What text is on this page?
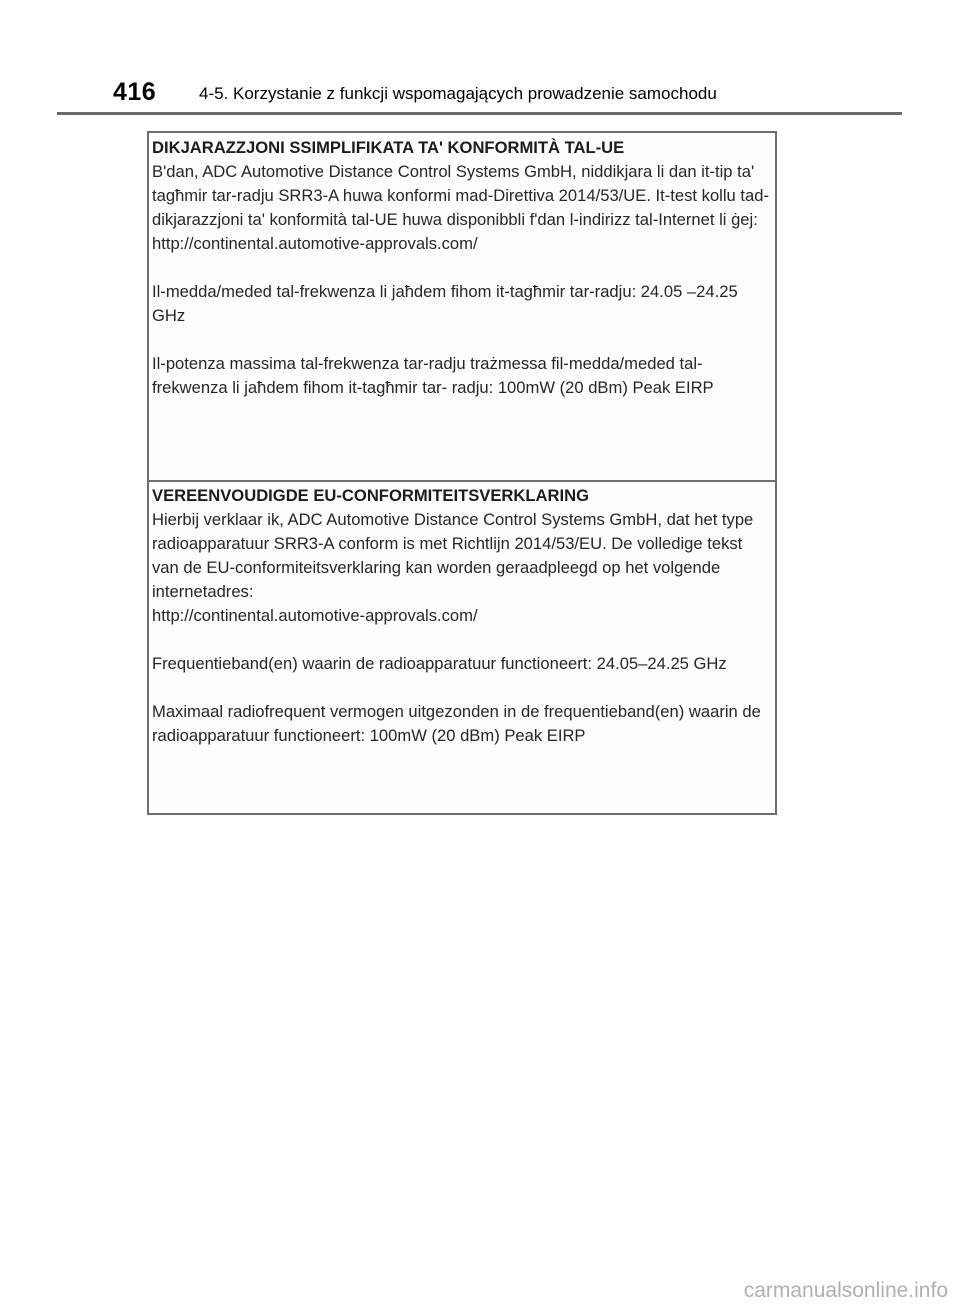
416	4-5. Korzystanie z funkcji wspomagających prowadzenie samochodu
DIKJARAZZJONI SSIMPLIFIKATA TA' KONFORMITÀ TAL-UE

B'dan, ADC Automotive Distance Control Systems GmbH, niddikjara li dan it-tip ta' tagħmir tar-radju SRR3-A huwa konformi mad-Direttiva 2014/53/UE. It-test kollu tad-dikjarazzjoni ta' konformità tal-UE huwa disponibbli f'dan l-indirizz tal-Internet li ġej:

http://continental.automotive-approvals.com/

Il-medda/meded tal-frekwenza li jaħdem fihom it-tagħmir tar-radju: 24.05 –24.25 GHz

Il-potenza massima tal-frekwenza tar-radju trażmessa fil-medda/meded tal-frekwenza li jaħdem fihom it-tagħmir tar- radju: 100mW (20 dBm) Peak EIRP

VEREENVOUDIGDE EU-CONFORMITEITSVERKLARING

Hierbij verklaar ik, ADC Automotive Distance Control Systems GmbH, dat het type radioapparatuur SRR3-A conform is met Richtlijn 2014/53/EU. De volledige tekst van de EU-conformiteitsverklaring kan worden geraadpleegd op het volgende internetadres:

http://continental.automotive-approvals.com/

Frequentieband(en) waarin de radioapparatuur functioneert: 24.05–24.25 GHz

Maximaal radiofrequent vermogen uitgezonden in de frequentieband(en) waarin de radioapparatuur functioneert: 100mW (20 dBm) Peak EIRP

carmanualsonline.info
